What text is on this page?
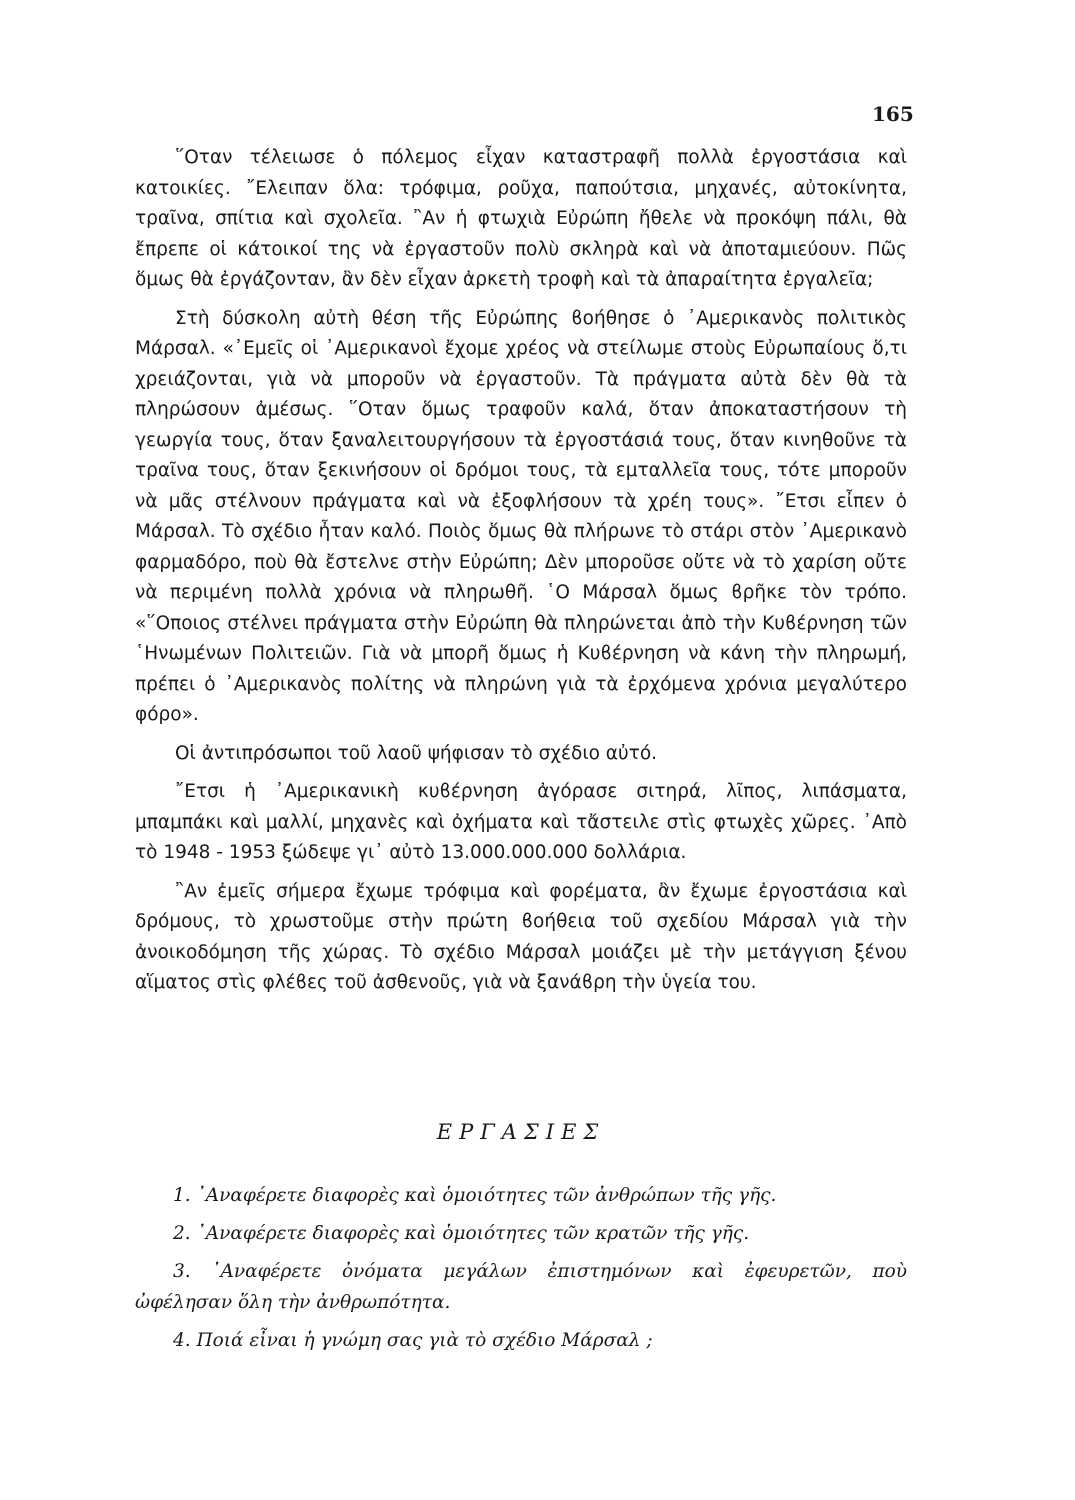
165

῞Οταν τέλειωσε ὁ πόλεμος εἶχαν καταστραφῆ πολλὰ ἐργοστάσια καὶ κατοικίες. ῎Ελειπαν ὅλα: τρόφιμα, ροῦχα, παπούτσια, μηχανές, αὐτοκίνητα, τραῖνα, σπίτια καὶ σχολεῖα. ῍Αν ἡ φτωχιὰ Εὐρώπη ἤθελε νὰ προκόψη πάλι, θὰ ἔπρεπε οἱ κάτοικοί της νὰ ἐργαστοῦν πολὺ σκληρὰ καὶ νὰ ἀποταμιεύουν. Πῶς ὅμως θὰ ἐργάζονταν, ἂν δὲν εἶχαν ἀρκετὴ τροφὴ καὶ τὰ ἀπαραίτητα ἐργαλεῖα;

Στὴ δύσκολη αὐτὴ θέση τῆς Εὐρώπης ϐοήθησε ὁ ᾿Αμερικανὸς πολιτικὸς Μάρσαλ. «᾿Εμεῖς οἱ ᾿Αμερικανοὶ ἔχομε χρέος νὰ στείλωμε στοὺς Εὐρωπαίους ὅ,τι χρειάζονται, γιὰ νὰ μποροῦν νὰ ἐργαστοῦν. Τὰ πράγματα αὐτὰ δὲν θὰ τὰ πληρώσουν ἀμέσως. ῞Οταν ὅμως τραφοῦν καλά, ὅταν ἀποκαταστήσουν τὴ γεωργία τους, ὅταν ξαναλειτουργήσουν τὰ ἐργοστάσιά τους, ὅταν κινηθοῦνε τὰ τραῖνα τους, ὅταν ξεκινήσουν οἱ δρόμοι τους, τὰ εμταλλεῖα τους, τότε μποροῦν νὰ μᾶς στέλνουν πράγματα καὶ νὰ ἐξοφλήσουν τὰ χρέη τους». ῎Ετσι εἶπεν ὁ Μάρσαλ. Τὸ σχέδιο ἦταν καλό. Ποιὸς ὅμως θὰ πλήρωνε τὸ στάρι στὸν ᾿Αμερικανὸ φαρμαδόρο, ποὺ θὰ ἔστελνε στὴν Εὐρώπη; Δὲν μποροῦσε οὔτε νὰ τὸ χαρίση οὔτε νὰ περιμένη πολλὰ χρόνια νὰ πληρωθῆ. ῾Ο Μάρσαλ ὅμως ϐρῆκε τὸν τρόπο. «῞Οποιος στέλνει πράγματα στὴν Εὐρώπη θὰ πληρώνεται ἀπὸ τὴν Κυϐέρνηση τῶν ῾Ηνωμένων Πολιτειῶν. Γιὰ νὰ μπορῆ ὅμως ἡ Κυϐέρνηση νὰ κάνη τὴν πληρωμή, πρέπει ὁ ᾿Αμερικανὸς πολίτης νὰ πληρώνη γιὰ τὰ ἐρχόμενα χρόνια μεγαλύτερο φόρο».

Οἱ ἀντιπρόσωποι τοῦ λαοῦ ψήφισαν τὸ σχέδιο αὐτό.

῎Ετσι ἡ ᾿Αμερικανικὴ κυϐέρνηση ἀγόρασε σιτηρά, λῖπος, λιπάσματα, μπαμπάκι καὶ μαλλί, μηχανὲς καὶ ὀχήματα καὶ τἄστειλε στὶς φτωχὲς χῶρες. ᾿Απὸ τὸ 1948 - 1953 ξώδεψε γι᾿ αὐτὸ 13.000.000.000 δολλάρια.

῍Αν ἐμεῖς σήμερα ἔχωμε τρόφιμα καὶ φορέματα, ἂν ἔχωμε ἐργοστάσια καὶ δρόμους, τὸ χρωστοῦμε στὴν πρώτη ϐοήθεια τοῦ σχεδίου Μάρσαλ γιὰ τὴν ἀνοικοδόμηση τῆς χώρας. Τὸ σχέδιο Μάρσαλ μοιάζει μὲ τὴν μετάγγιση ξένου αἵματος στὶς φλέϐες τοῦ ἀσθενοῦς, γιὰ νὰ ξανάϐρη τὴν ὑγεία του.

ΕΡΓΑΣΙΕΣ

1. ᾿Αναφέρετε διαφορὲς καὶ ὁμοιότητες τῶν ἀνθρώπων τῆς γῆς.

2. ᾿Αναφέρετε διαφορὲς καὶ ὁμοιότητες τῶν κρατῶν τῆς γῆς.

3. ᾿Αναφέρετε ὀνόματα μεγάλων ἐπιστημόνων καὶ ἐφευρετῶν, ποὺ ὠφέλησαν ὅλη τὴν ἀνθρωπότητα.

4. Ποιά εἶναι ἡ γνώμη σας γιὰ τὸ σχέδιο Μάρσαλ ;
